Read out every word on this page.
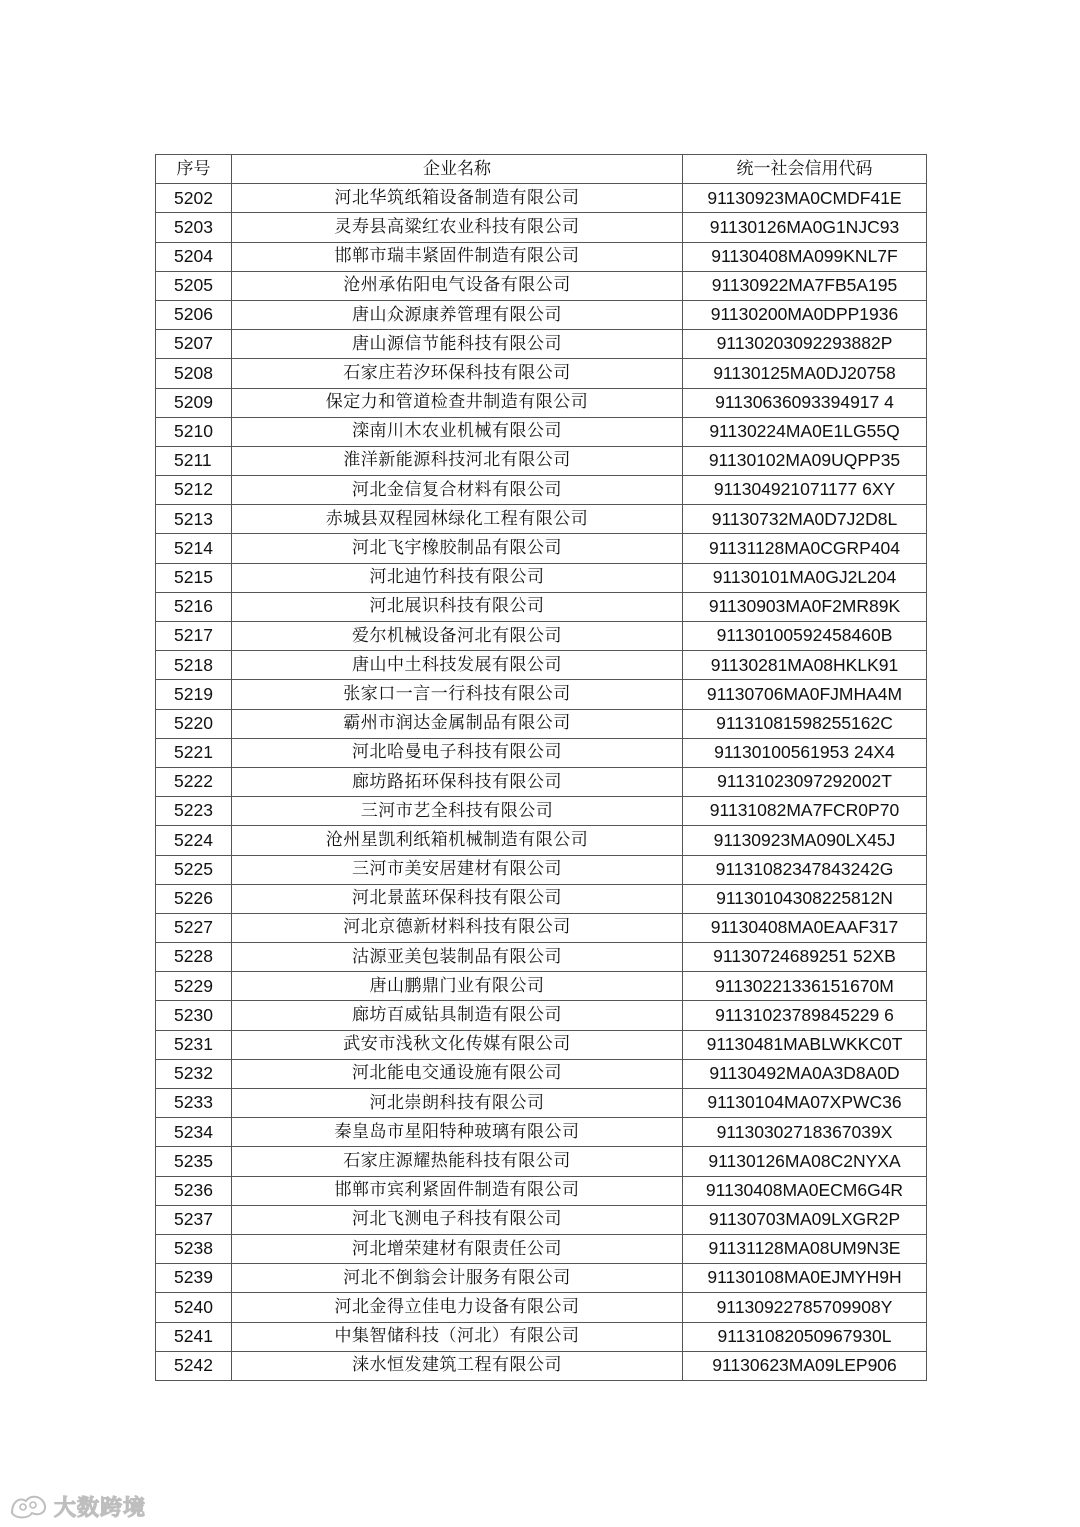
序号	企业名称	统一社会信用代码
5202	河北华筑纸箱设备制造有限公司	91130923MA0CMDF41E
5203	灵寿县高粱红农业科技有限公司	91130126MA0G1NJC93
5204	邯郸市瑞丰紧固件制造有限公司	91130408MA099KNL7F
5205	沧州承佑阳电气设备有限公司	91130922MA7FB5A195
5206	唐山众源康养管理有限公司	91130200MA0DPP1936
5207	唐山源信节能科技有限公司	91130203092293882P
5208	石家庄若汐环保科技有限公司	91130125MA0DJ20758
5209	保定力和管道检查井制造有限公司	91130636093394917 4
5210	滦南川木农业机械有限公司	91130224MA0E1LG55Q
5211	淮洋新能源科技河北有限公司	91130102MA09UQPP35
5212	河北金信复合材料有限公司	911304921071177 6XY
5213	赤城县双程园林绿化工程有限公司	91130732MA0D7J2D8L
5214	河北飞宇橡胶制品有限公司	91131128MA0CGRP404
5215	河北迪竹科技有限公司	91130101MA0GJ2L204
5216	河北展识科技有限公司	91130903MA0F2MR89K
5217	爱尔机械设备河北有限公司	91130100592458460B
5218	唐山中土科技发展有限公司	91130281MA08HKLK91
5219	张家口一言一行科技有限公司	91130706MA0FJMHA4M
5220	霸州市润达金属制品有限公司	91131081598255162C
5221	河北哈曼电子科技有限公司	91130100561953 24X4
5222	廊坊路拓环保科技有限公司	91131023097292002T
5223	三河市艺全科技有限公司	91131082MA7FCR0P70
5224	沧州星凯利纸箱机械制造有限公司	91130923MA090LX45J
5225	三河市美安居建材有限公司	91131082347843242G
5226	河北景蓝环保科技有限公司	91130104308225812N
5227	河北京德新材料科技有限公司	91130408MA0EAAF317
5228	沽源亚美包装制品有限公司	91130724689251 52XB
5229	唐山鹏鼎门业有限公司	91130221336151670M
5230	廊坊百威钻具制造有限公司	91131023789845229 6
5231	武安市浅秋文化传媒有限公司	91130481MABLWKKC0T
5232	河北能电交通设施有限公司	91130492MA0A3D8A0D
5233	河北崇朗科技有限公司	91130104MA07XPWC36
5234	秦皇岛市星阳特种玻璃有限公司	91130302718367039X
5235	石家庄源耀热能科技有限公司	91130126MA08C2NYXA
5236	邯郸市宾利紧固件制造有限公司	91130408MA0ECM6G4R
5237	河北飞测电子科技有限公司	91130703MA09LXGR2P
5238	河北增荣建材有限责任公司	91131128MA08UM9N3E
5239	河北不倒翁会计服务有限公司	91130108MA0EJMYH9H
5240	河北金得立佳电力设备有限公司	91130922785709908Y
5241	中集智储科技（河北）有限公司	91131082050967930L
5242	涞水恒发建筑工程有限公司	91130623MA09LEP906
大数跨境
